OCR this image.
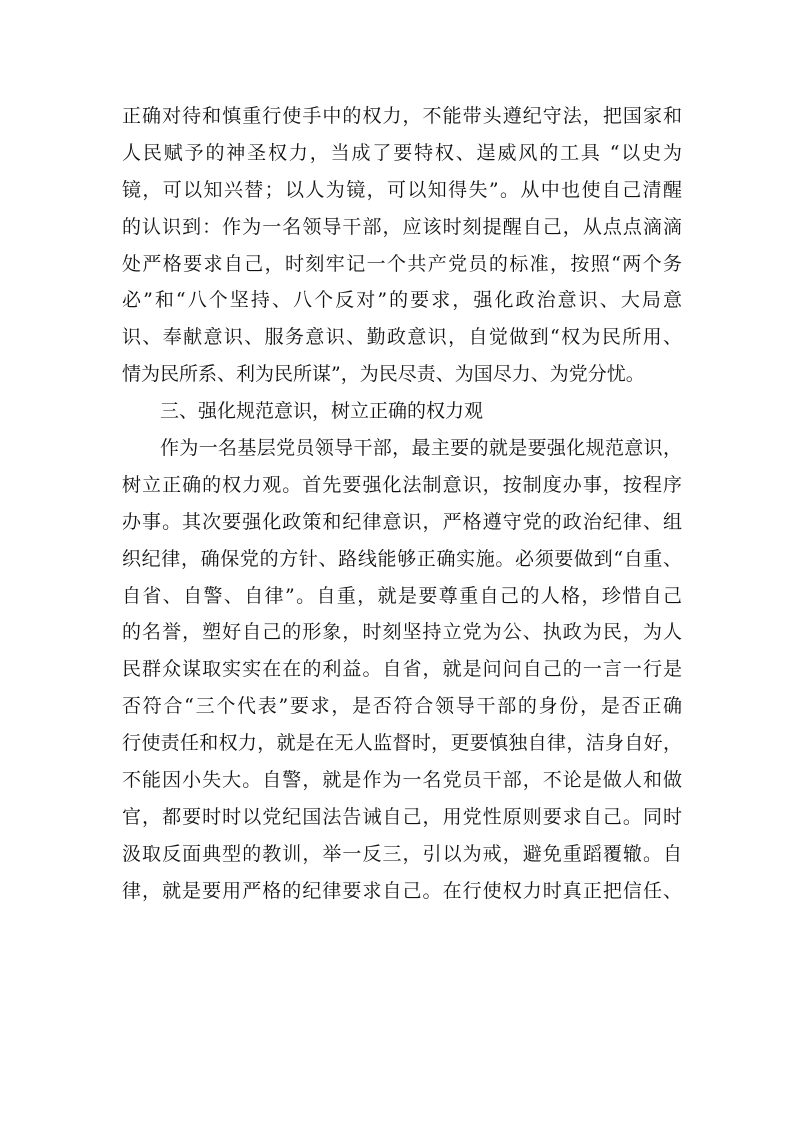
正确对待和慎重行使手中的权力，不能带头遵纪守法，把国家和
人民赋予的神圣权力，当成了要特权、逞威风的工具 “以史为
镜，可以知兴替；以人为镜，可以知得失”。从中也使自己清醒
的认识到：作为一名领导干部，应该时刻提醒自己，从点点滴滴
处严格要求自己，时刻牢记一个共产党员的标准，按照“两个务
必”和“八个坚持、八个反对”的要求，强化政治意识、大局意
识、奉献意识、服务意识、勤政意识，自觉做到“权为民所用、
情为民所系、利为民所谋”，为民尽责、为国尽力、为党分忧。
三、强化规范意识，树立正确的权力观
作为一名基层党员领导干部，最主要的就是要强化规范意识，
树立正确的权力观。首先要强化法制意识，按制度办事，按程序
办事。其次要强化政策和纪律意识，严格遵守党的政治纪律、组
织纪律，确保党的方针、路线能够正确实施。必须要做到“自重、
自省、自警、自律”。自重，就是要尊重自己的人格，珍惜自己
的名誉，塑好自己的形象，时刻坚持立党为公、执政为民，为人
民群众谋取实实在在的利益。自省，就是问问自己的一言一行是
否符合“三个代表”要求，是否符合领导干部的身份，是否正确
行使责任和权力，就是在无人监督时，更要慎独自律，洁身自好，
不能因小失大。自警，就是作为一名党员干部，不论是做人和做
官，都要时时以党纪国法告诫自己，用党性原则要求自己。同时
汲取反面典型的教训，举一反三，引以为戒，避免重蹈覆辙。自
律，就是要用严格的纪律要求自己。在行使权力时真正把信任、
